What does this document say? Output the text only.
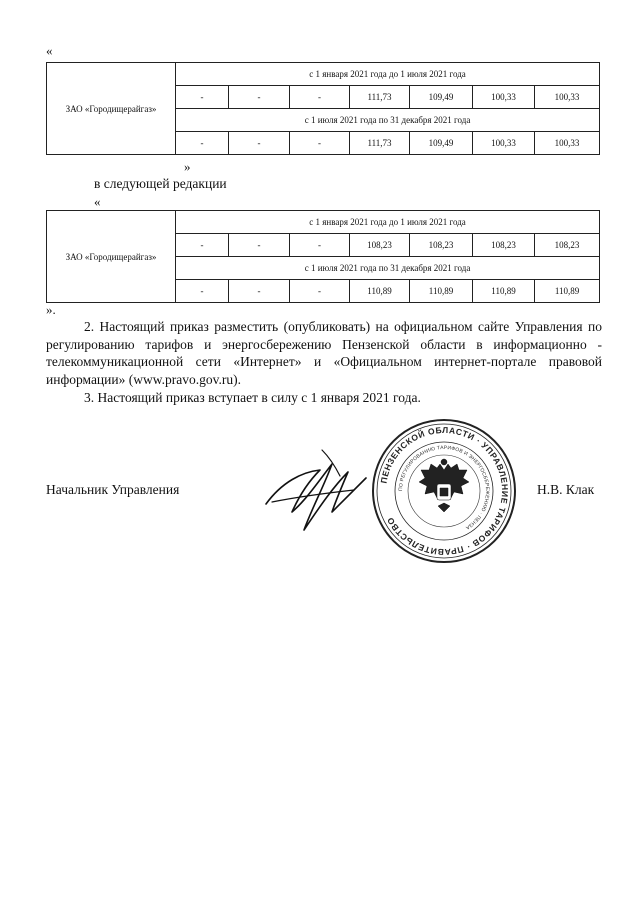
«
ЗАО «Городищерайгаз»	с 1 января 2021 года до 1 июля 2021 года						
	-	-	-	111,73	109,49	100,33	100,33
	с 1 июля 2021 года по 31 декабря 2021 года						
	-	-	-	111,73	109,49	100,33	100,33
»
в следующей редакции
«
ЗАО «Городищерайгаз»	с 1 января 2021 года до 1 июля 2021 года						
	-	-	-	108,23	108,23	108,23	108,23
	с 1 июля 2021 года по 31 декабря 2021 года						
	-	-	-	110,89	110,89	110,89	110,89
».

2. Настоящий приказ разместить (опубликовать) на официальном сайте Управления по регулированию тарифов и энергосбережению Пензенской области в информационно - телекоммуникационной сети «Интернет» и «Официальном интернет-портале правовой информации» (www.pravo.gov.ru).

3. Настоящий приказ вступает в силу с 1 января 2021 года.

Начальник Управления	Н.В. Клак
ПЕНЗЕНСКОЙ ОБЛАСТИ · УПРАВЛЕНИЕ ТАРИФОВ · ПРАВИТЕЛЬСТВО
ПО РЕГУЛИРОВАНИЮ ТАРИФОВ И ЭНЕРГОСБЕРЕЖЕНИЮ · ПЕНЗА
